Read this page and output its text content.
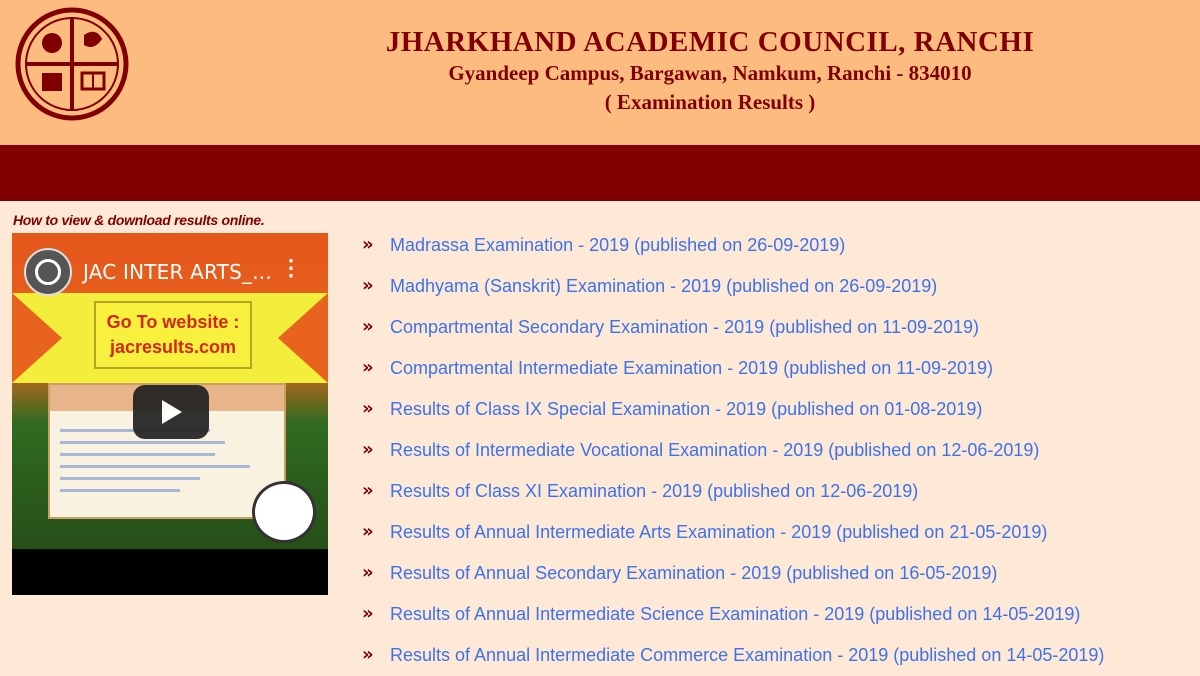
JHARKHAND ACADEMIC COUNCIL, RANCHI
Gyandeep Campus, Bargawan, Namkum, Ranchi - 834010
( Examination Results )
How to view & download results online.
Go To website :
jacresults.com
JAC INTER ARTS_... ⋮
» Madrassa Examination - 2019 (published on 26-09-2019)
» Madhyama (Sanskrit) Examination - 2019 (published on 26-09-2019)
» Compartmental Secondary Examination - 2019 (published on 11-09-2019)
» Compartmental Intermediate Examination - 2019 (published on 11-09-2019)
» Results of Class IX Special Examination - 2019 (published on 01-08-2019)
» Results of Intermediate Vocational Examination - 2019 (published on 12-06-2019)
» Results of Class XI Examination - 2019 (published on 12-06-2019)
» Results of Annual Intermediate Arts Examination - 2019 (published on 21-05-2019)
» Results of Annual Secondary Examination - 2019 (published on 16-05-2019)
» Results of Annual Intermediate Science Examination - 2019 (published on 14-05-2019)
» Results of Annual Intermediate Commerce Examination - 2019 (published on 14-05-2019)
